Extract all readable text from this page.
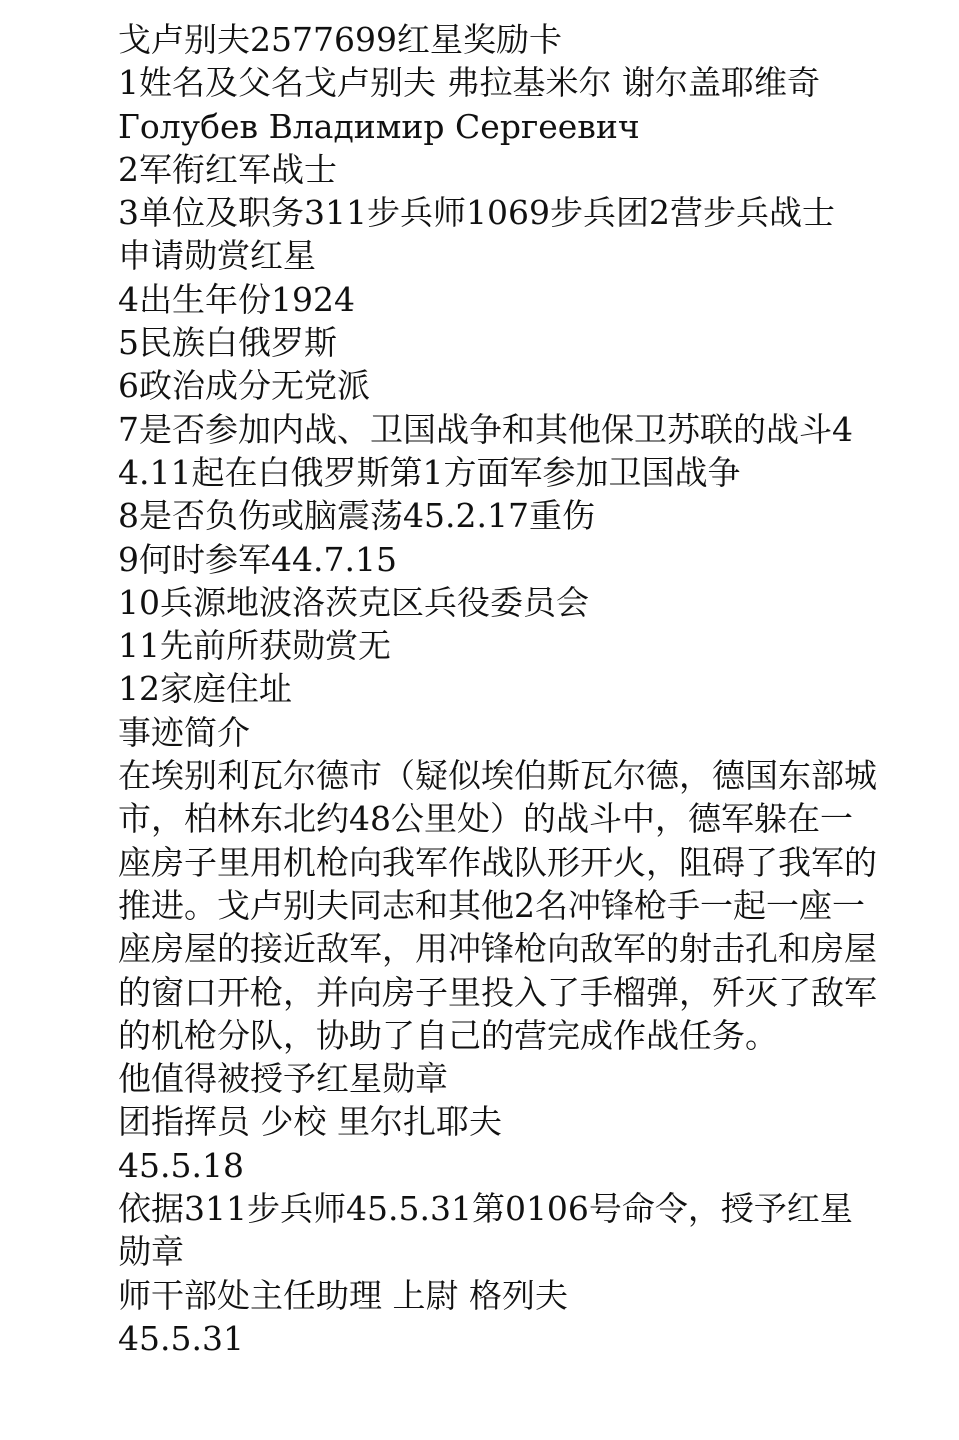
戈卢别夫2577699红星奖励卡

1姓名及父名戈卢别夫 弗拉基米尔 谢尔盖耶维奇

Голубев Владимир Сергеевич

2军衔红军战士

3单位及职务311步兵师1069步兵团2营步兵战士

申请勋赏红星

4出生年份1924

5民族白俄罗斯

6政治成分无党派

7是否参加内战、卫国战争和其他保卫苏联的战斗44.11起在白俄罗斯第1方面军参加卫国战争

8是否负伤或脑震荡45.2.17重伤

9何时参军44.7.15

10兵源地波洛茨克区兵役委员会

11先前所获勋赏无

12家庭住址

事迹简介

在埃别利瓦尔德市（疑似埃伯斯瓦尔德，德国东部城市，柏林东北约48公里处）的战斗中，德军躲在一座房子里用机枪向我军作战队形开火，阻碍了我军的推进。戈卢别夫同志和其他2名冲锋枪手一起一座一座房屋的接近敌军，用冲锋枪向敌军的射击孔和房屋的窗口开枪，并向房子里投入了手榴弹，歼灭了敌军的机枪分队，协助了自己的营完成作战任务。

他值得被授予红星勋章

团指挥员 少校 里尔扎耶夫

45.5.18

依据311步兵师45.5.31第0106号命令，授予红星勋章

师干部处主任助理 上尉 格列夫

45.5.31
